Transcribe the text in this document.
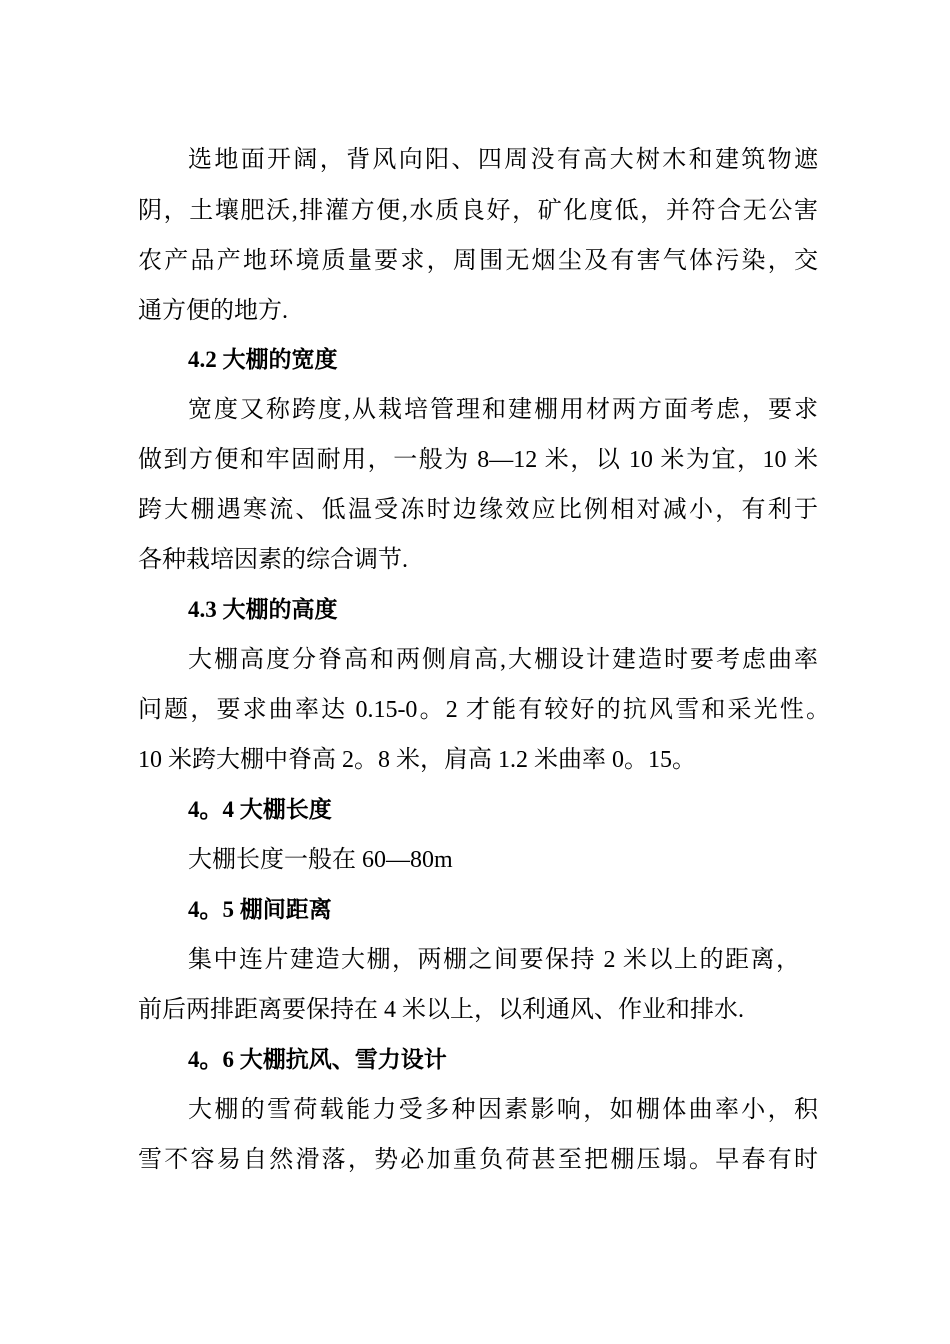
选地面开阔，背风向阳、四周没有高大树木和建筑物遮
阴，土壤肥沃,排灌方便,水质良好，矿化度低，并符合无公害
农产品产地环境质量要求，周围无烟尘及有害气体污染，交
通方便的地方.
4.2 大棚的宽度
宽度又称跨度,从栽培管理和建棚用材两方面考虑，要求
做到方便和牢固耐用，一般为 8—12 米，以 10 米为宜，10 米
跨大棚遇寒流、低温受冻时边缘效应比例相对减小，有利于
各种栽培因素的综合调节.
4.3 大棚的高度
大棚高度分脊高和两侧肩高,大棚设计建造时要考虑曲率
问题，要求曲率达 0.15-0。2 才能有较好的抗风雪和采光性。
10 米跨大棚中脊高 2。8 米，肩高 1.2 米曲率 0。15。
4。4 大棚长度
大棚长度一般在 60—80m
4。5 棚间距离
集中连片建造大棚，两棚之间要保持 2 米以上的距离，
前后两排距离要保持在 4 米以上，以利通风、作业和排水.
4。6 大棚抗风、雪力设计
大棚的雪荷载能力受多种因素影响，如棚体曲率小，积
雪不容易自然滑落，势必加重负荷甚至把棚压塌。早春有时
